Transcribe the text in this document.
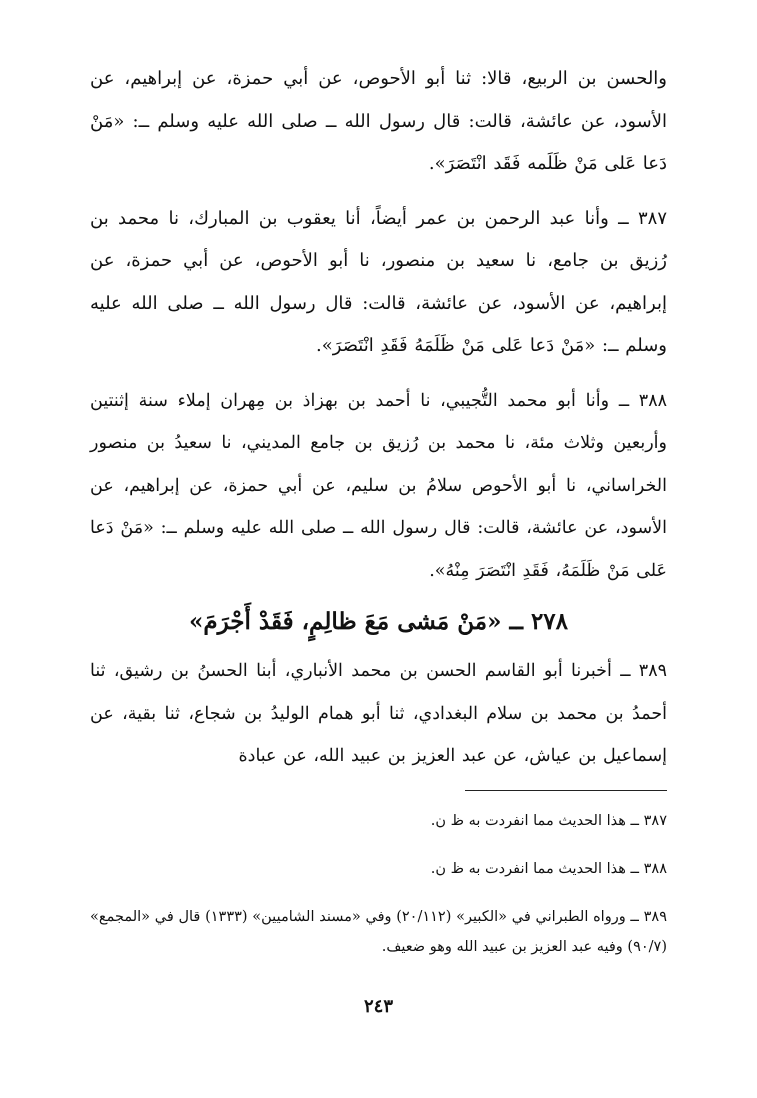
والحسن بن الربيع، قالا: ثنا أبو الأحوص، عن أبي حمزة، عن إبراهيم، عن الأسود، عن عائشة، قالت: قال رسول الله ــ صلى الله عليه وسلم ــ: «مَنْ دَعا عَلى مَنْ ظَلَمه فَقَد انْتَصَرَ».

٣٨٧ ــ وأنا عبد الرحمن بن عمر أيضاً، أنا يعقوب بن المبارك، نا محمد بن رُزيق بن جامع، نا سعيد بن منصور، نا أبو الأحوص، عن أبي حمزة، عن إبراهيم، عن الأسود، عن عائشة، قالت: قال رسول الله ــ صلى الله عليه وسلم ــ: «مَنْ دَعا عَلى مَنْ ظَلَمَهُ فَقَدِ انْتَصَرَ».

٣٨٨ ــ وأنا أبو محمد التُّجيبي، نا أحمد بن بهزاذ بن مِهران إملاء سنة إثنتين وأربعين وثلاث مئة، نا محمد بن رُزيق بن جامع المديني، نا سعيدُ بن منصور الخراساني، نا أبو الأحوص سلامُ بن سليم، عن أبي حمزة، عن إبراهيم، عن الأسود، عن عائشة، قالت: قال رسول الله ــ صلى الله عليه وسلم ــ: «مَنْ دَعا عَلى مَنْ ظَلَمَهُ، فَقَدِ انْتَصَرَ مِنْهُ».

٢٧٨ ــ «مَنْ مَشى مَعَ ظالِمٍ، فَقَدْ أَجْرَمَ»

٣٨٩ ــ أخبرنا أبو القاسم الحسن بن محمد الأنباري، أبنا الحسنُ بن رشيق، ثنا أحمدُ بن محمد بن سلام البغدادي، ثنا أبو همام الوليدُ بن شجاع، ثنا بقية، عن إسماعيل بن عياش، عن عبد العزيز بن عبيد الله، عن عبادة

٣٨٧ ــ هذا الحديث مما انفردت به ظ ن.

٣٨٨ ــ هذا الحديث مما انفردت به ظ ن.

٣٨٩ ــ ورواه الطبراني في «الكبير» (٢٠/١١٢) وفي «مسند الشاميين» (١٣٣٣) قال في «المجمع» (٩٠/٧) وفيه عبد العزيز بن عبيد الله وهو ضعيف.

٢٤٣
